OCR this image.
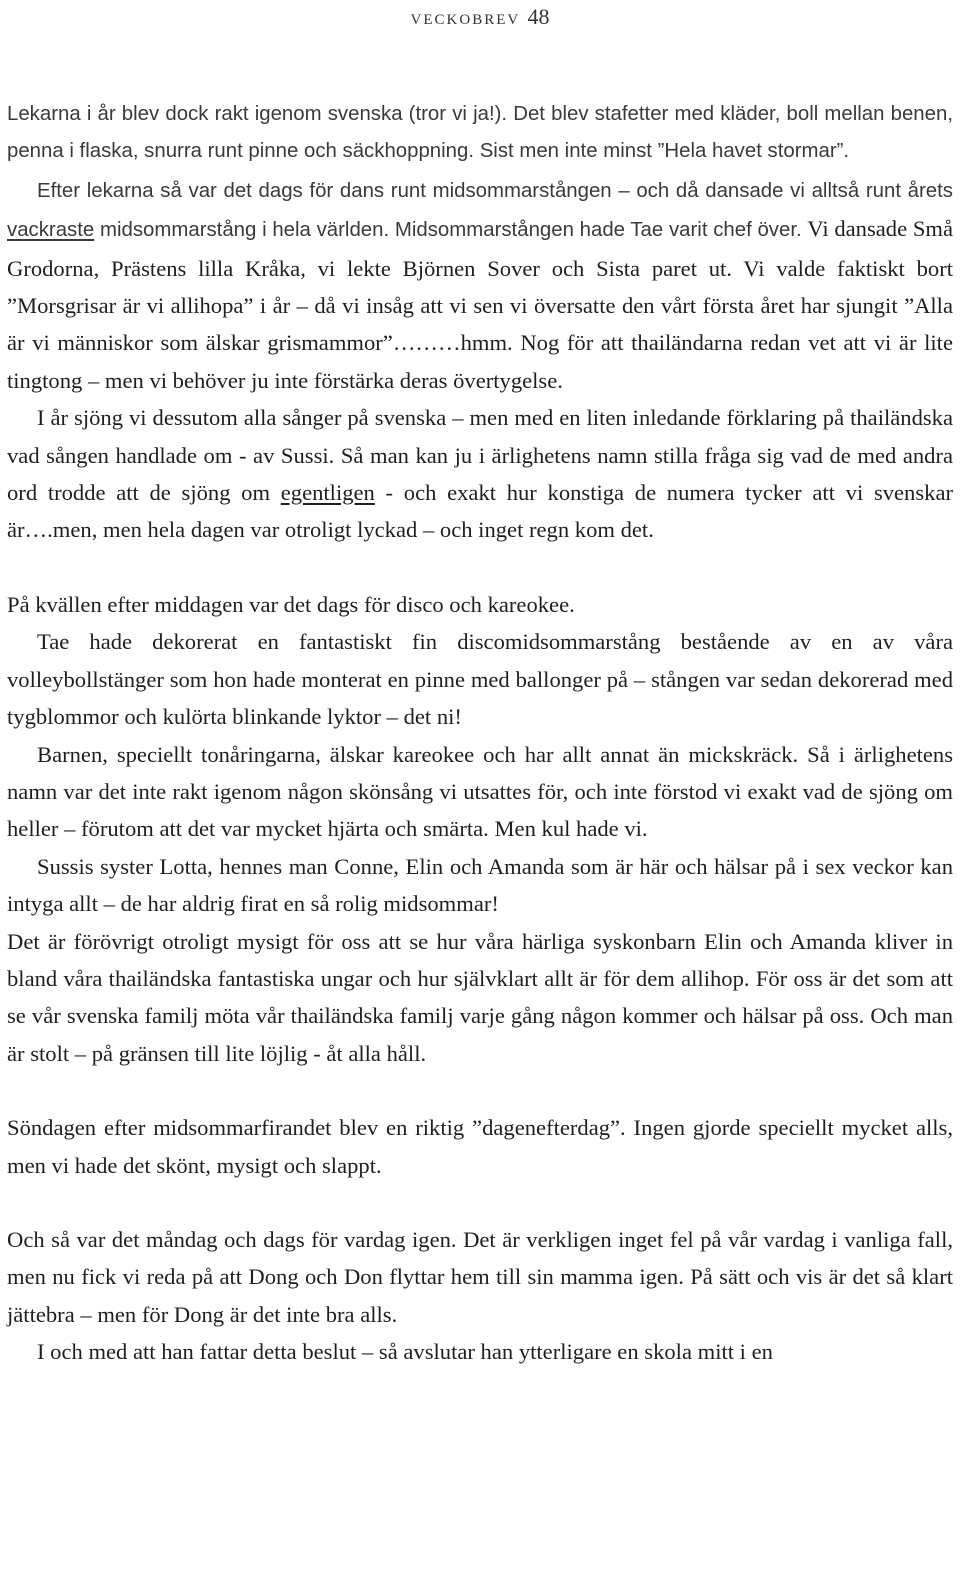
veckobrev 48

Lekarna i år blev dock rakt igenom svenska (tror vi ja!). Det blev stafetter med kläder, boll mellan benen, penna i flaska, snurra runt pinne och säckhoppning. Sist men inte minst ”Hela havet stormar”.

Efter lekarna så var det dags för dans runt midsommarstången – och då dansade vi alltså runt årets vackraste midsommarstång i hela världen. Midsommarstången hade Tae varit chef över. Vi dansade Små Grodorna, Prästens lilla Kråka, vi lekte Björnen Sover och Sista paret ut. Vi valde faktiskt bort ”Morsgrisar är vi allihopa” i år – då vi insåg att vi sen vi översatte den vårt första året har sjungit ”Alla är vi människor som älskar grismammor”………hmm. Nog för att thailändarna redan vet att vi är lite tingtong – men vi behöver ju inte förstärka deras övertygelse.

I år sjöng vi dessutom alla sånger på svenska – men med en liten inledande förklaring på thailändska vad sången handlade om - av Sussi. Så man kan ju i ärlighetens namn stilla fråga sig vad de med andra ord trodde att de sjöng om egentligen - och exakt hur konstiga de numera tycker att vi svenskar är….men, men hela dagen var otroligt lyckad – och inget regn kom det.

På kvällen efter middagen var det dags för disco och kareokee.

Tae hade dekorerat en fantastiskt fin discomidsommarstång bestående av en av våra volleybollstänger som hon hade monterat en pinne med ballonger på – stången var sedan dekorerad med tygblommor och kulörta blinkande lyktor – det ni!

Barnen, speciellt tonåringarna, älskar kareokee och har allt annat än mickskräck. Så i ärlighetens namn var det inte rakt igenom någon skönsång vi utsattes för, och inte förstod vi exakt vad de sjöng om heller – förutom att det var mycket hjärta och smärta. Men kul hade vi.

Sussis syster Lotta, hennes man Conne, Elin och Amanda som är här och hälsar på i sex veckor kan intyga allt – de har aldrig firat en så rolig midsommar!

Det är förövrigt otroligt mysigt för oss att se hur våra härliga syskonbarn Elin och Amanda kliver in bland våra thailändska fantastiska ungar och hur självklart allt är för dem allihop. För oss är det som att se vår svenska familj möta vår thailändska familj varje gång någon kommer och hälsar på oss. Och man är stolt – på gränsen till lite löjlig - åt alla håll.

Söndagen efter midsommarfirandet blev en riktig ”dagenefterdag”. Ingen gjorde speciellt mycket alls, men vi hade det skönt, mysigt och slappt.

Och så var det måndag och dags för vardag igen. Det är verkligen inget fel på vår vardag i vanliga fall, men nu fick vi reda på att Dong och Don flyttar hem till sin mamma igen. På sätt och vis är det så klart jättebra – men för Dong är det inte bra alls.

I och med att han fattar detta beslut – så avslutar han ytterligare en skola mitt i en
